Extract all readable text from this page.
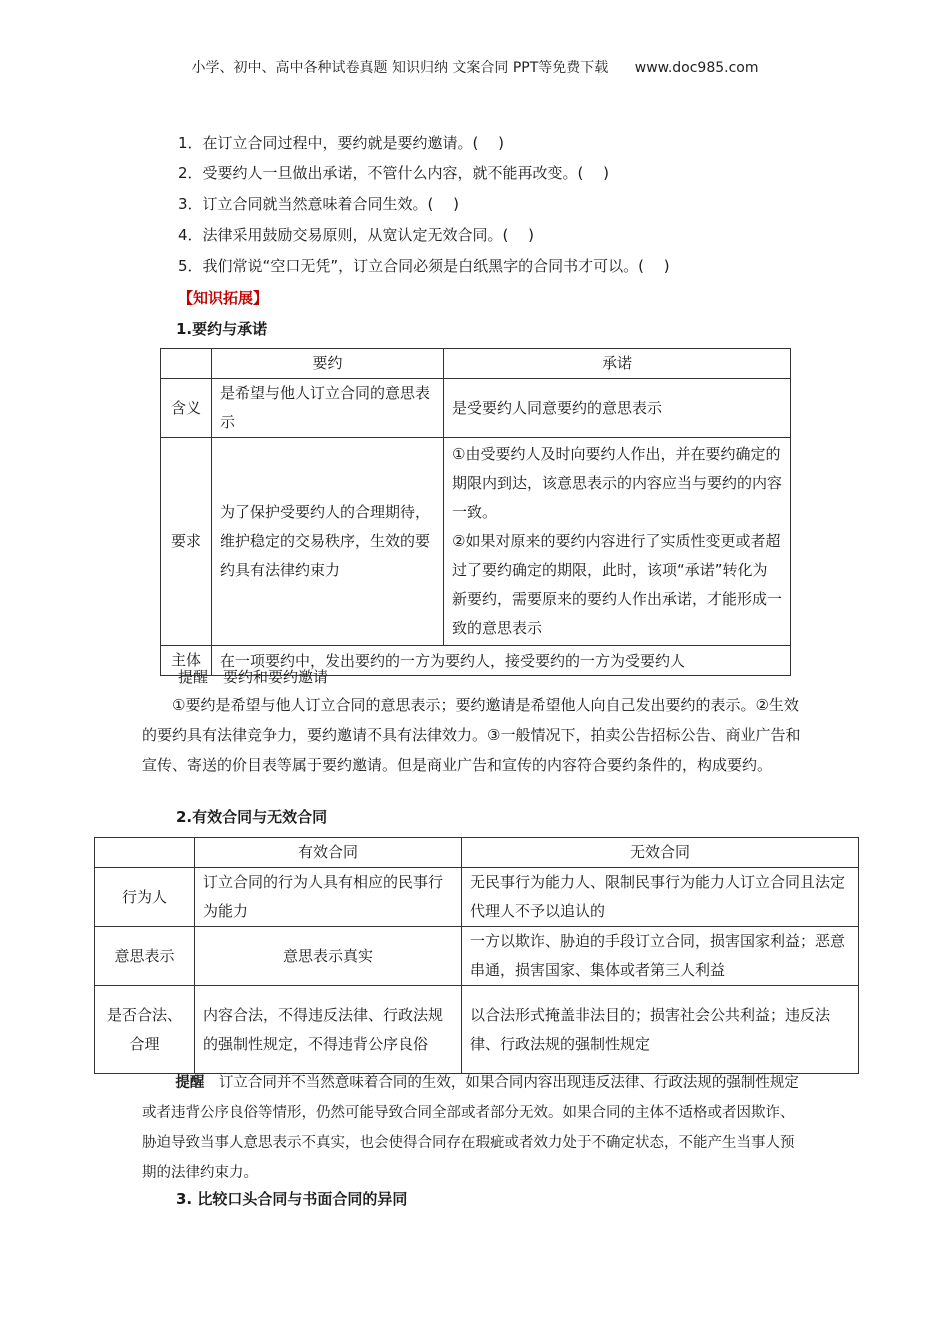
小学、初中、高中各种试卷真题 知识归纳 文案合同 PPT等免费下载 www.doc985.com
1．在订立合同过程中，要约就是要约邀请。(　 )
2．受要约人一旦做出承诺，不管什么内容，就不能再改变。(　 )
3．订立合同就当然意味着合同生效。(　 )
4．法律采用鼓励交易原则，从宽认定无效合同。(　 )
5．我们常说“空口无凭”，订立合同必须是白纸黑字的合同书才可以。(　 )
【知识拓展】
1.要约与承诺
	要约	承诺
含义	是希望与他人订立合同的意思表示	是受要约人同意要约的意思表示
要求	为了保护受要约人的合理期待，维护稳定的交易秩序，生效的要约具有法律约束力	①由受要约人及时向要约人作出，并在要约确定的期限内到达，该意思表示的内容应当与要约的内容一致。
②如果对原来的要约内容进行了实质性变更或者超过了要约确定的期限，此时，该项“承诺”转化为新要约，需要原来的要约人作出承诺，才能形成一致的意思表示

主体	在一项要约中，发出要约的一方为要约人，接受要约的一方为受要约人	
提醒　要约和要约邀请
①要约是希望与他人订立合同的意思表示；要约邀请是希望他人向自己发出要约的表示。②生效的要约具有法律竞争力，要约邀请不具有法律效力。③一般情况下，拍卖公告招标公告、商业广告和宣传、寄送的价目表等属于要约邀请。但是商业广告和宣传的内容符合要约条件的，构成要约。
2.有效合同与无效合同
	有效合同	无效合同
行为人	订立合同的行为人具有相应的民事行为能力	无民事行为能力人、限制民事行为能力人订立合同且法定代理人不予以追认的
意思表示	意思表示真实	一方以欺诈、胁迫的手段订立合同，损害国家利益；恶意串通，损害国家、集体或者第三人利益
是否合法、合理	内容合法，不得违反法律、行政法规的强制性规定，不得违背公序良俗	以合法形式掩盖非法目的；损害社会公共利益；违反法律、行政法规的强制性规定
提醒　 订立合同并不当然意味着合同的生效，如果合同内容出现违反法律、行政法规的强制性规定或者违背公序良俗等情形，仍然可能导致合同全部或者部分无效。如果合同的主体不适格或者因欺诈、胁迫导致当事人意思表示不真实，也会使得合同存在瑕疵或者效力处于不确定状态，不能产生当事人预期的法律约束力。
3. 比较口头合同与书面合同的异同
